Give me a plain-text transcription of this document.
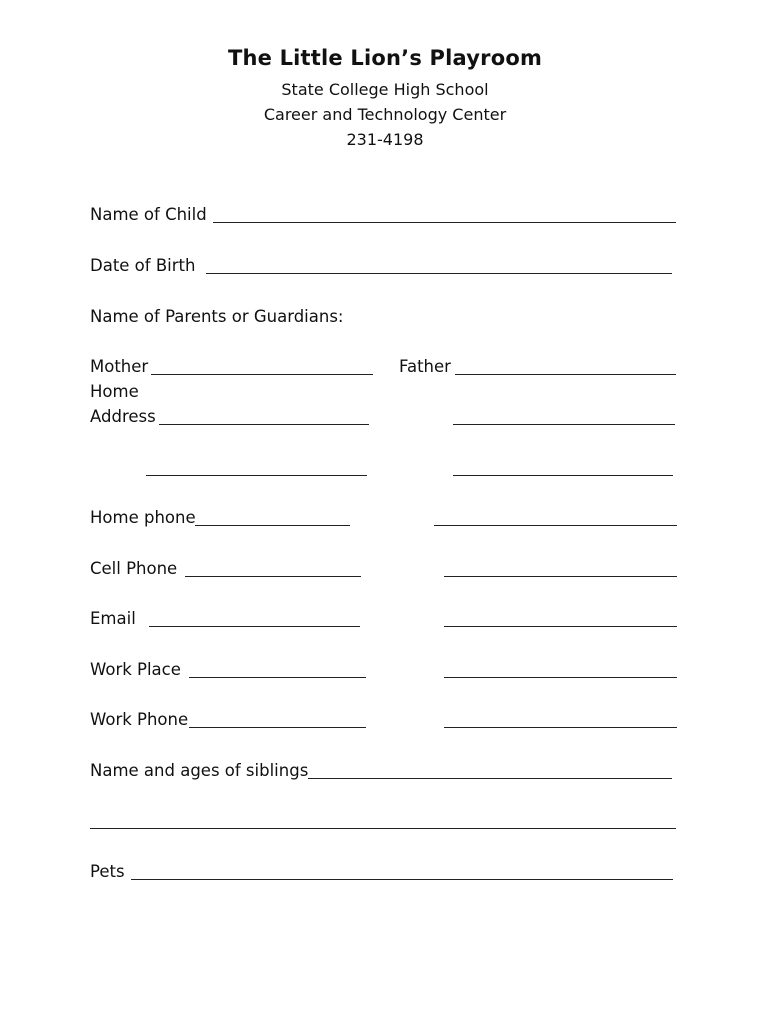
The Little Lion’s Playroom
State College High School
Career and Technology Center
231-4198
Name of Child
Date of Birth
Name of Parents or Guardians:
Mother	Father
Home
Address
Home phone
Cell Phone
Email
Work Place
Work Phone
Name and ages of siblings
Pets
